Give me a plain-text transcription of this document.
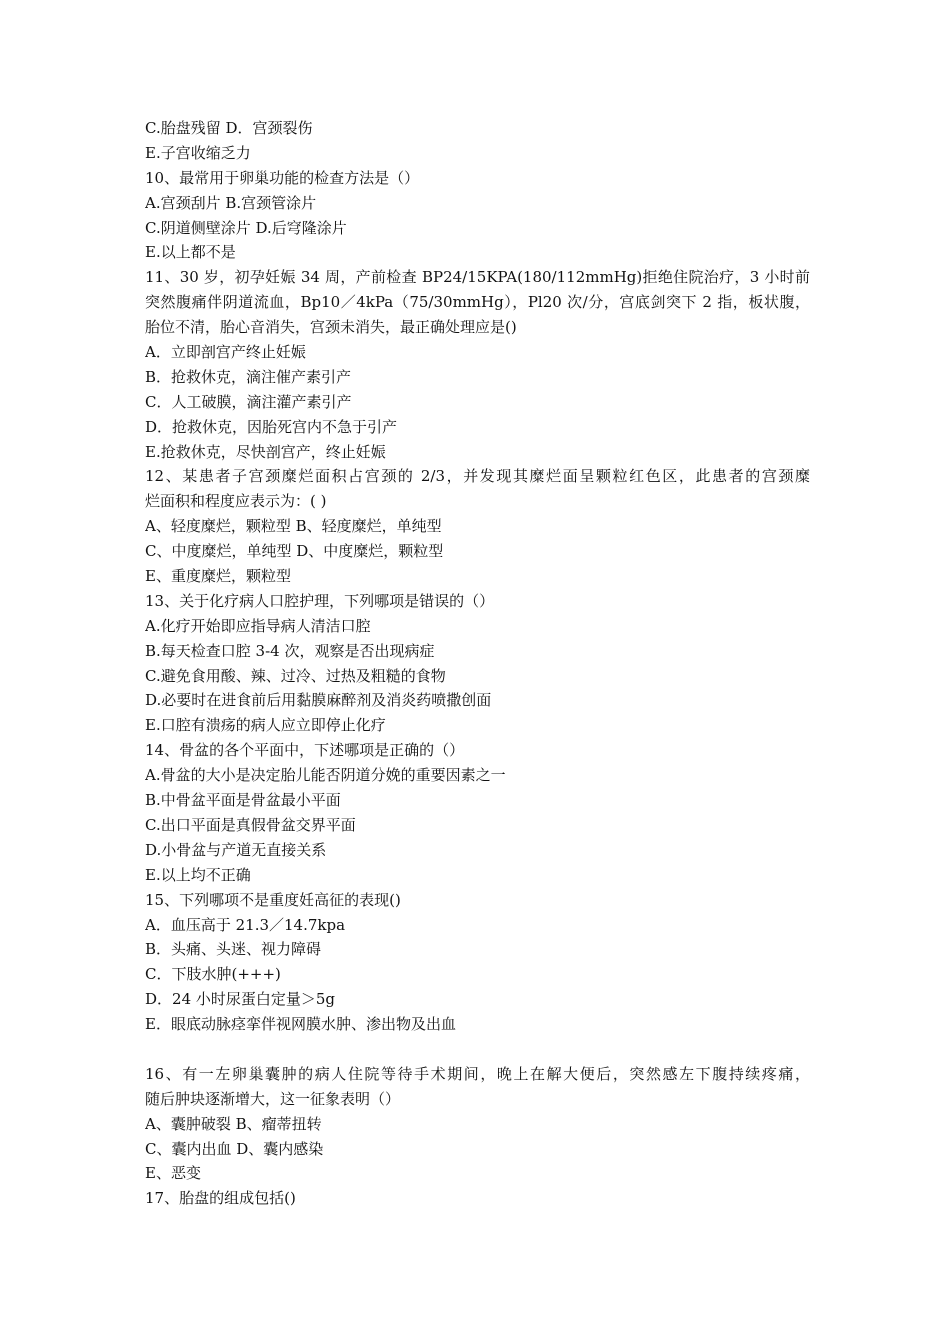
C.胎盘残留 D．宫颈裂伤
E.子宫收缩乏力
10、最常用于卵巢功能的检查方法是（）
A.宫颈刮片 B.宫颈管涂片
C.阴道侧壁涂片 D.后穹隆涂片
E.以上都不是
11、30 岁，初孕妊娠 34 周，产前检查 BP24/15KPA(180/112mmHg)拒绝住院治疗，3 小时前
突然腹痛伴阴道流血，Bp10／4kPa（75/30mmHg），Pl20 次/分，宫底剑突下 2 指，板状腹，
胎位不清，胎心音消失，宫颈未消失，最正确处理应是()
A．立即剖宫产终止妊娠
B．抢救休克，滴注催产素引产
C．人工破膜，滴注灌产素引产
D．抢救休克，因胎死宫内不急于引产
E.抢救休克，尽快剖宫产，终止妊娠
12、某患者子宫颈糜烂面积占宫颈的 2/3，并发现其糜烂面呈颗粒红色区，此患者的宫颈糜
烂面积和程度应表示为：( )
A、轻度糜烂，颗粒型 B、轻度糜烂，单纯型
C、中度糜烂，单纯型 D、中度糜烂，颗粒型
E、重度糜烂，颗粒型
13、关于化疗病人口腔护理，下列哪项是错误的（）
A.化疗开始即应指导病人清洁口腔
B.每天检查口腔 3-4 次，观察是否出现病症
C.避免食用酸、辣、过冷、过热及粗糙的食物
D.必要时在进食前后用黏膜麻醉剂及消炎药喷撒创面
E.口腔有溃疡的病人应立即停止化疗
14、骨盆的各个平面中，下述哪项是正确的（）
A.骨盆的大小是决定胎儿能否阴道分娩的重要因素之一
B.中骨盆平面是骨盆最小平面
C.出口平面是真假骨盆交界平面
D.小骨盆与产道无直接关系
E.以上均不正确
15、下列哪项不是重度妊高征的表现()
A．血压高于 21.3／14.7kpa
B．头痛、头迷、视力障碍
C．下肢水肿(+++)
D．24 小时尿蛋白定量＞5g
E．眼底动脉痉挛伴视网膜水肿、渗出物及出血
16、有一左卵巢囊肿的病人住院等待手术期间，晚上在解大便后，突然感左下腹持续疼痛，
随后肿块逐渐增大，这一征象表明（）
A、囊肿破裂 B、瘤蒂扭转
C、囊内出血 D、囊内感染
E、恶变
17、胎盘的组成包括()
